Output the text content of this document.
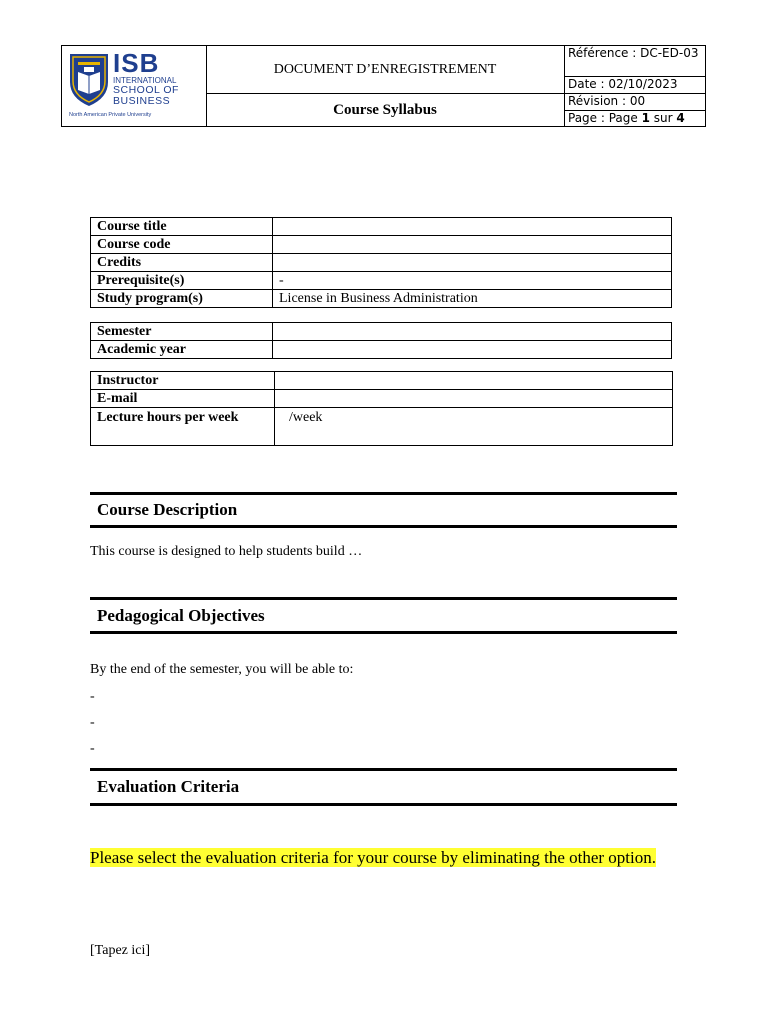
ISB
INTERNATIONAL
SCHOOL OF
BUSINESS
North American Private University
DOCUMENT D’ENREGISTREMENT
Course Syllabus
Référence : DC-ED-03
Date : 02/10/2023
Révision : 00
Page : Page 1 sur 4
Course title	
Course code	
Credits	
Prerequisite(s)	-
Study program(s)	License in Business Administration
Semester	
Academic year	
Instructor	
E-mail	
Lecture hours per week	/week
Course Description
This course is designed to help students build …
Pedagogical Objectives
By the end of the semester, you will be able to:
-
-
-
Evaluation Criteria
Please select the evaluation criteria for your course by eliminating the other option.
[Tapez ici]
